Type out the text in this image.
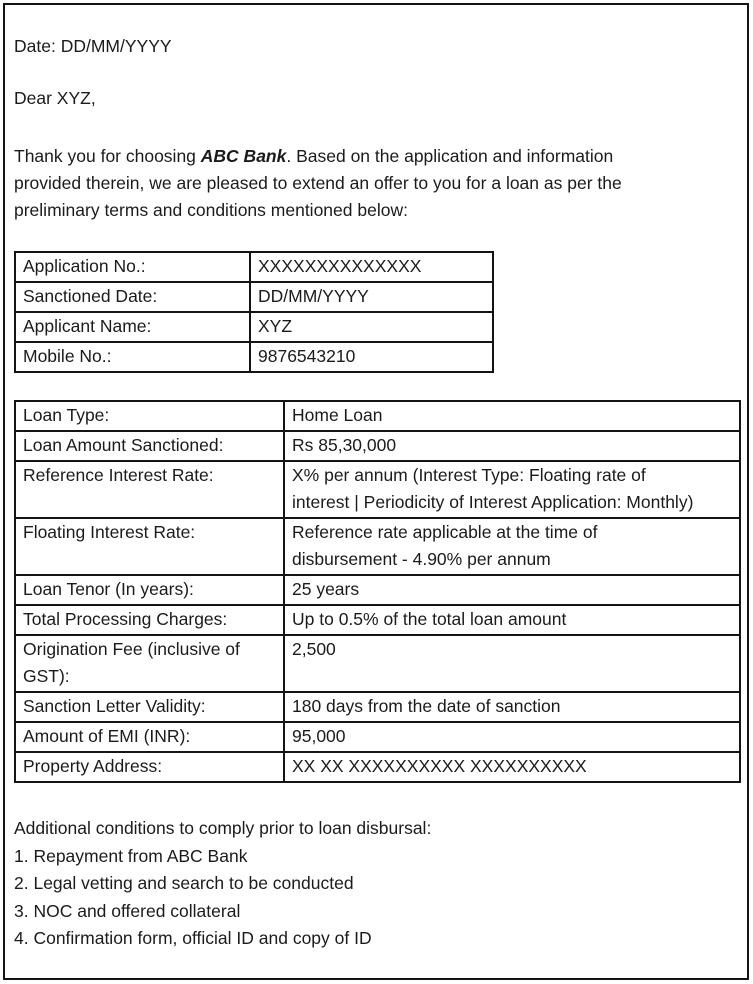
Date: DD/MM/YYYY

Dear XYZ,

Thank you for choosing ABC Bank. Based on the application and information provided therein, we are pleased to extend an offer to you for a loan as per the preliminary terms and conditions mentioned below:

Application No.:	XXXXXXXXXXXXXX
Sanctioned Date:	DD/MM/YYYY
Applicant Name:	XYZ
Mobile No.:	9876543210
Loan Type:	Home Loan
Loan Amount Sanctioned:	Rs 85,30,000
Reference Interest Rate:	X% per annum (Interest Type: Floating rate of interest | Periodicity of Interest Application: Monthly)
Floating Interest Rate:	Reference rate applicable at the time of disbursement - 4.90% per annum
Loan Tenor (In years):	25 years
Total Processing Charges:	Up to 0.5% of the total loan amount
Origination Fee (inclusive of GST):	2,500
Sanction Letter Validity:	180 days from the date of sanction
Amount of EMI (INR):	95,000
Property Address:	XX XX XXXXXXXXXX XXXXXXXXXX

Additional conditions to comply prior to loan disbursal:

1. Repayment from ABC Bank

2. Legal vetting and search to be conducted

3. NOC and offered collateral

4. Confirmation form, official ID and copy of ID
